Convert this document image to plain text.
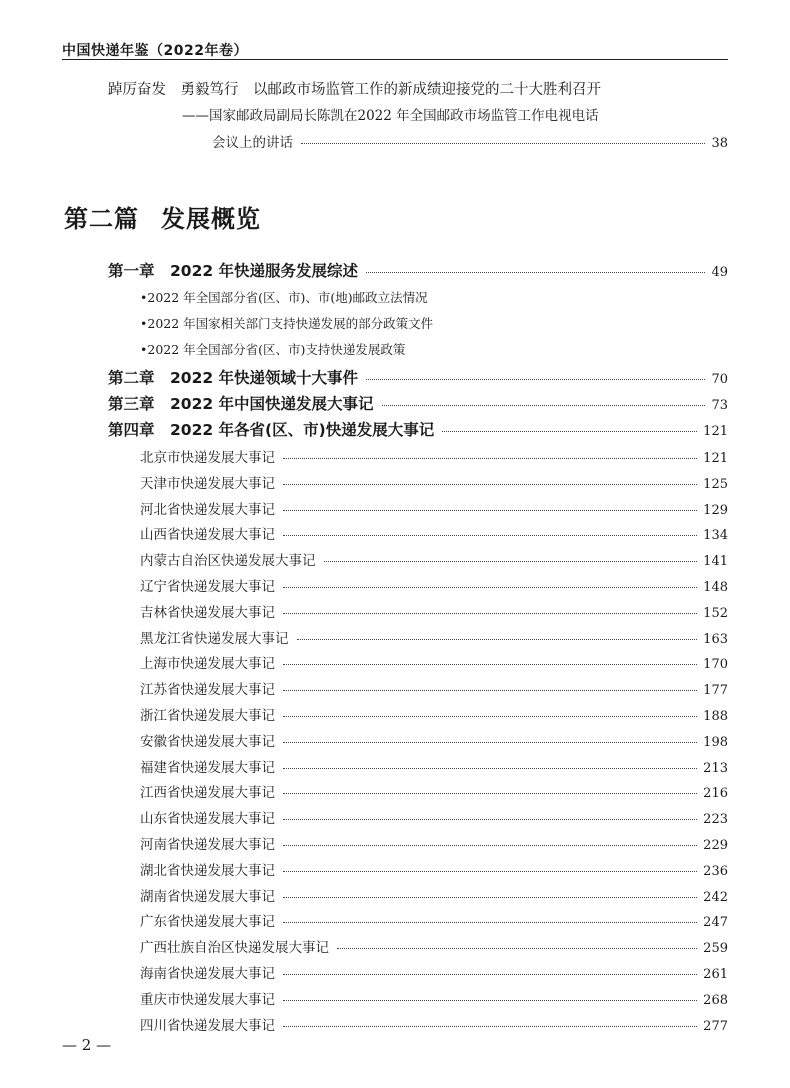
中国快递年鉴（2022年卷）
踔厉奋发　勇毅笃行　以邮政市场监管工作的新成绩迎接党的二十大胜利召开
——国家邮政局副局长陈凯在2022 年全国邮政市场监管工作电视电话
会议上的讲话	38
第二篇 发展概览
第一章　2022 年快递服务发展综述	49
•2022 年全国部分省(区、市)、市(地)邮政立法情况
•2022 年国家相关部门支持快递发展的部分政策文件
•2022 年全国部分省(区、市)支持快递发展政策
第二章　2022 年快递领域十大事件	70
第三章　2022 年中国快递发展大事记	73
第四章　2022 年各省(区、市)快递发展大事记	121
北京市快递发展大事记	121
天津市快递发展大事记	125
河北省快递发展大事记	129
山西省快递发展大事记	134
内蒙古自治区快递发展大事记	141
辽宁省快递发展大事记	148
吉林省快递发展大事记	152
黑龙江省快递发展大事记	163
上海市快递发展大事记	170
江苏省快递发展大事记	177
浙江省快递发展大事记	188
安徽省快递发展大事记	198
福建省快递发展大事记	213
江西省快递发展大事记	216
山东省快递发展大事记	223
河南省快递发展大事记	229
湖北省快递发展大事记	236
湖南省快递发展大事记	242
广东省快递发展大事记	247
广西壮族自治区快递发展大事记	259
海南省快递发展大事记	261
重庆市快递发展大事记	268
四川省快递发展大事记	277
— 2 —
